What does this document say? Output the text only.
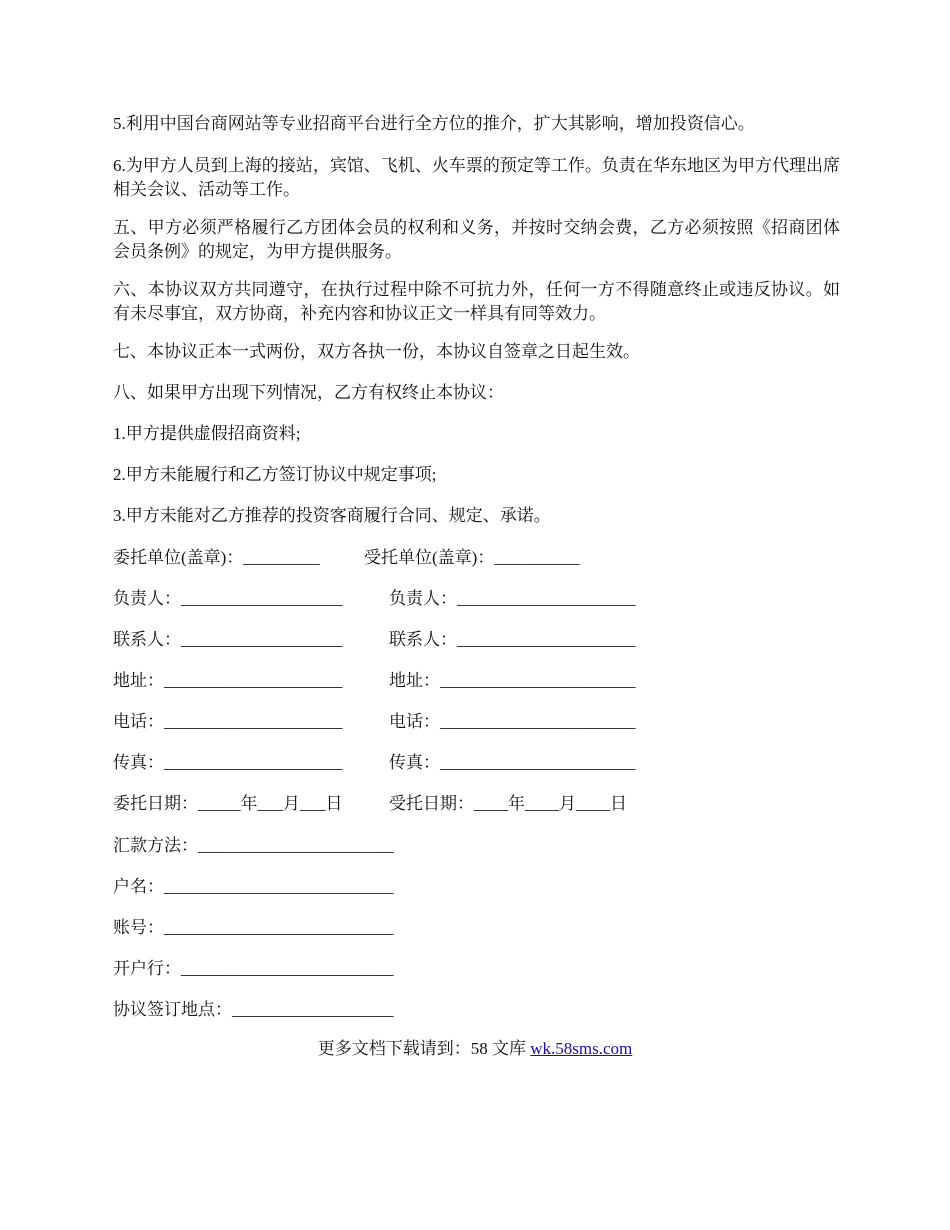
5.利用中国台商网站等专业招商平台进行全方位的推介，扩大其影响，增加投资信心。

6.为甲方人员到上海的接站，宾馆、飞机、火车票的预定等工作。负责在华东地区为甲方代理出席相关会议、活动等工作。

五、甲方必须严格履行乙方团体会员的权利和义务，并按时交纳会费，乙方必须按照《招商团体会员条例》的规定，为甲方提供服务。

六、本协议双方共同遵守，在执行过程中除不可抗力外，任何一方不得随意终止或违反协议。如有未尽事宜，双方协商，补充内容和协议正文一样具有同等效力。

七、本协议正本一式两份，双方各执一份，本协议自签章之日起生效。

八、如果甲方出现下列情况，乙方有权终止本协议：

1.甲方提供虚假招商资料;

2.甲方未能履行和乙方签订协议中规定事项;

3.甲方未能对乙方推荐的投资客商履行合同、规定、承诺。

委托单位(盖章)：_________	受托单位(盖章)：__________

负责人：___________________	负责人：_____________________

联系人：___________________	联系人：_____________________

地址：_____________________	地址：_______________________

电话：_____________________	电话：_______________________

传真：_____________________	传真：_______________________

委托日期：_____年___月___日	受托日期：____年____月____日

汇款方法：_______________________

户名：___________________________

账号：___________________________

开户行：_________________________

协议签订地点：___________________

更多文档下载请到：58 文库 wk.58sms.com
